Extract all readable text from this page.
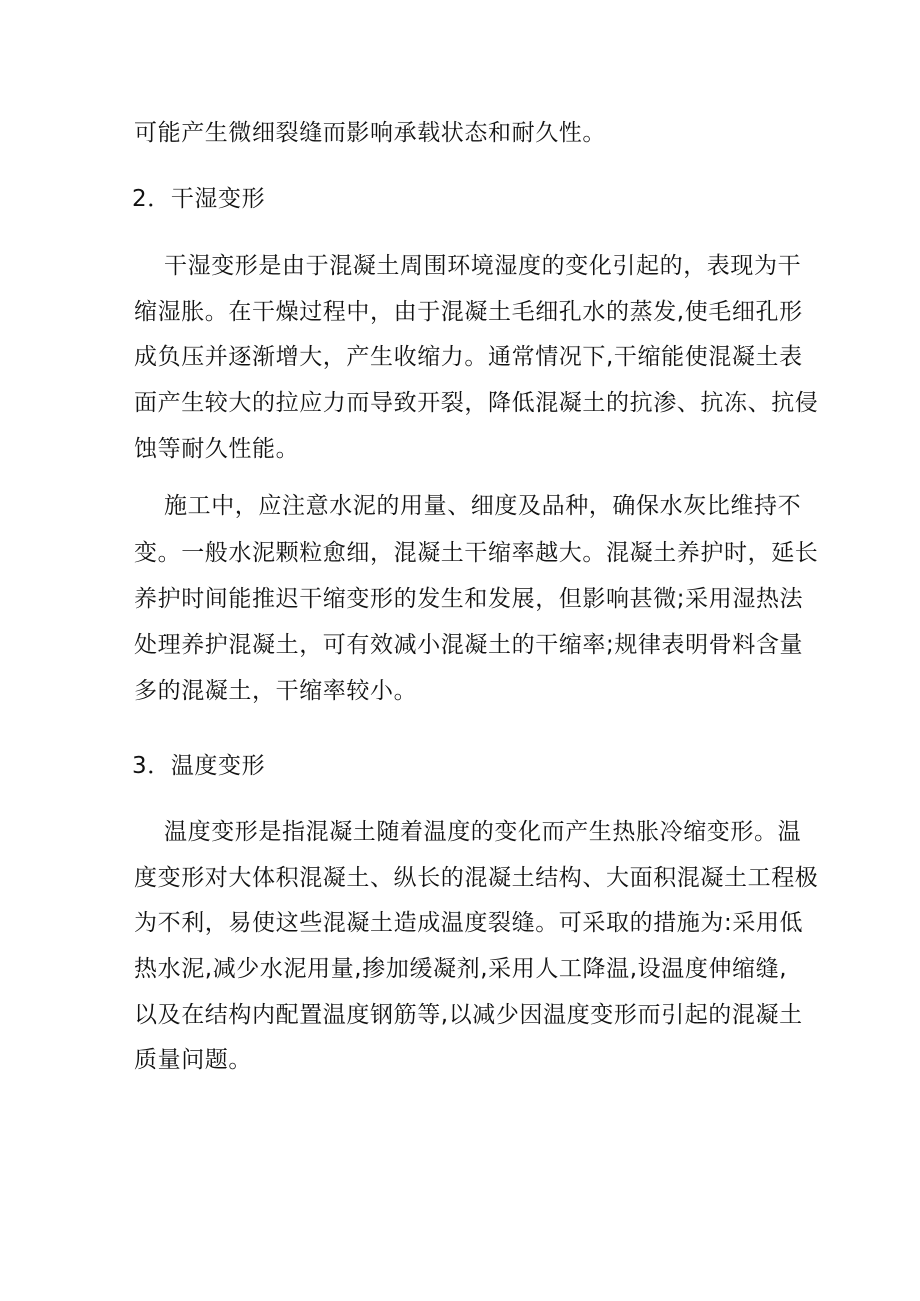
可能产生微细裂缝而影响承载状态和耐久性。
2．干湿变形
干湿变形是由于混凝土周围环境湿度的变化引起的，表现为干
缩湿胀。在干燥过程中，由于混凝土毛细孔水的蒸发,使毛细孔形
成负压并逐渐增大，产生收缩力。通常情况下,干缩能使混凝土表
面产生较大的拉应力而导致开裂，降低混凝土的抗渗、抗冻、抗侵
蚀等耐久性能。
施工中，应注意水泥的用量、细度及品种，确保水灰比维持不
变。一般水泥颗粒愈细，混凝土干缩率越大。混凝土养护时，延长
养护时间能推迟干缩变形的发生和发展，但影响甚微;采用湿热法
处理养护混凝土，可有效减小混凝土的干缩率;规律表明骨料含量
多的混凝土，干缩率较小。
3．温度变形
温度变形是指混凝土随着温度的变化而产生热胀冷缩变形。温
度变形对大体积混凝土、纵长的混凝土结构、大面积混凝土工程极
为不利，易使这些混凝土造成温度裂缝。可采取的措施为:采用低
热水泥,减少水泥用量,掺加缓凝剂,采用人工降温,设温度伸缩缝,
以及在结构内配置温度钢筋等,以减少因温度变形而引起的混凝土
质量问题。
